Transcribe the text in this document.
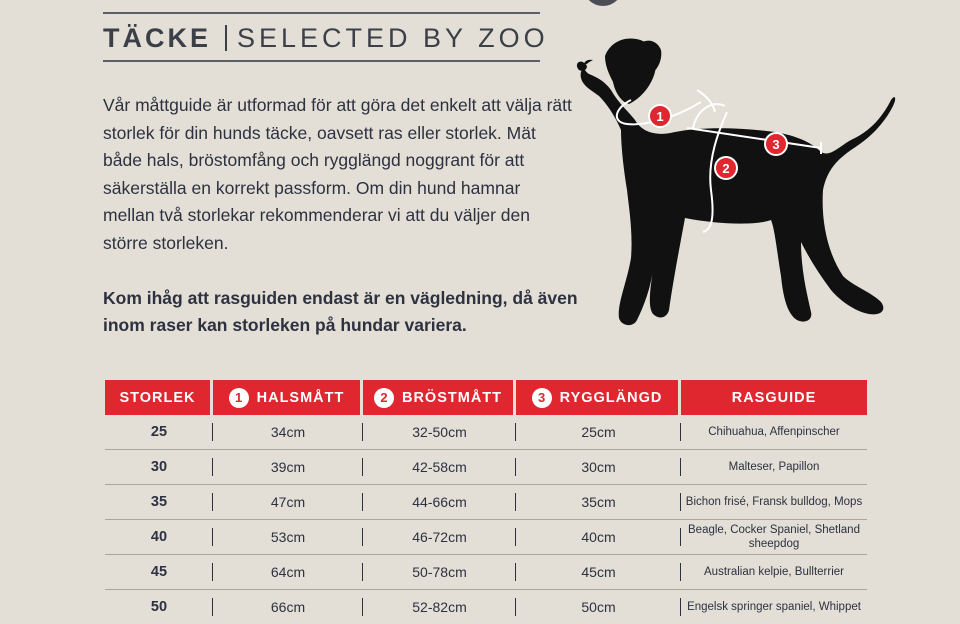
TÄCKE SELECTED BY ZOO

Vår måttguide är utformad för att göra det enkelt att välja rätt storlek för din hunds täcke, oavsett ras eller storlek. Mät både hals, bröstomfång och rygglängd noggrant för att säkerställa en korrekt passform. Om din hund hamnar mellan två storlekar rekommenderar vi att du väljer den större storleken.

Kom ihåg att rasguiden endast är en vägledning, då även inom raser kan storleken på hundar variera.

1
2
3
STORLEK	1 HALSMÅTT	2 BRÖSTMÅTT	3 RYGGLÄNGD	RASGUIDE
25	34cm	32-50cm	25cm	Chihuahua, Affenpinscher
30	39cm	42-58cm	30cm	Malteser, Papillon
35	47cm	44-66cm	35cm	Bichon frisé, Fransk bulldog, Mops
40	53cm	46-72cm	40cm	Beagle, Cocker Spaniel, Shetland sheepdog
45	64cm	50-78cm	45cm	Australian kelpie, Bullterrier
50	66cm	52-82cm	50cm	Engelsk springer spaniel, Whippet
